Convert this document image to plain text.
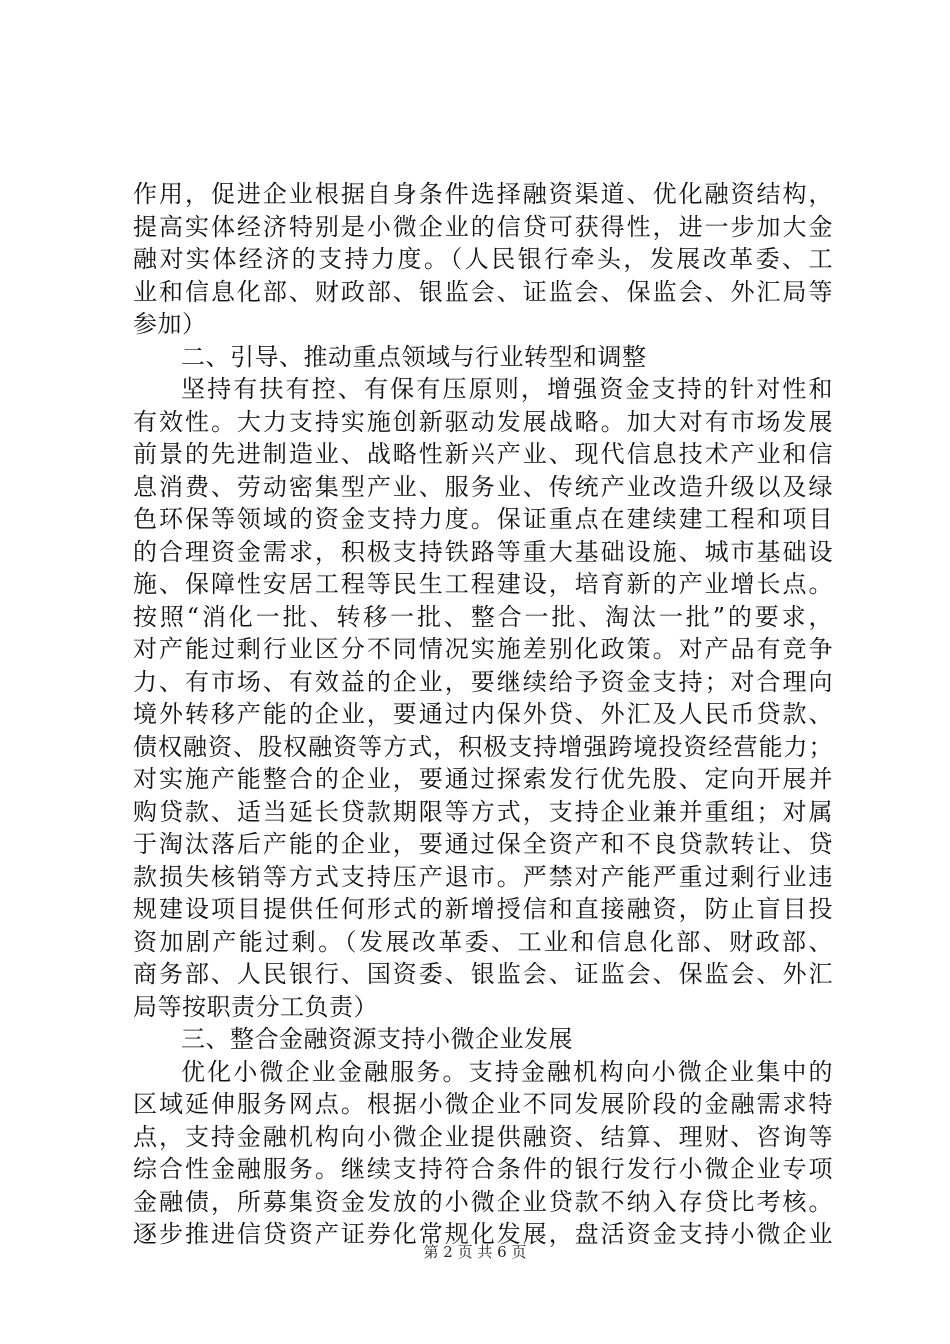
作用，促进企业根据自身条件选择融资渠道、优化融资结构，
提高实体经济特别是小微企业的信贷可获得性，进一步加大金
融对实体经济的支持力度。（人民银行牵头，发展改革委、工
业和信息化部、财政部、银监会、证监会、保监会、外汇局等
参加）
二、引导、推动重点领域与行业转型和调整
坚持有扶有控、有保有压原则，增强资金支持的针对性和
有效性。大力支持实施创新驱动发展战略。加大对有市场发展
前景的先进制造业、战略性新兴产业、现代信息技术产业和信
息消费、劳动密集型产业、服务业、传统产业改造升级以及绿
色环保等领域的资金支持力度。保证重点在建续建工程和项目
的合理资金需求，积极支持铁路等重大基础设施、城市基础设
施、保障性安居工程等民生工程建设，培育新的产业增长点。
按照“消化一批、转移一批、整合一批、淘汰一批”的要求，
对产能过剩行业区分不同情况实施差别化政策。对产品有竞争
力、有市场、有效益的企业，要继续给予资金支持；对合理向
境外转移产能的企业，要通过内保外贷、外汇及人民币贷款、
债权融资、股权融资等方式，积极支持增强跨境投资经营能力；
对实施产能整合的企业，要通过探索发行优先股、定向开展并
购贷款、适当延长贷款期限等方式，支持企业兼并重组；对属
于淘汰落后产能的企业，要通过保全资产和不良贷款转让、贷
款损失核销等方式支持压产退市。严禁对产能严重过剩行业违
规建设项目提供任何形式的新增授信和直接融资，防止盲目投
资加剧产能过剩。（发展改革委、工业和信息化部、财政部、
商务部、人民银行、国资委、银监会、证监会、保监会、外汇
局等按职责分工负责）
三、整合金融资源支持小微企业发展
优化小微企业金融服务。支持金融机构向小微企业集中的
区域延伸服务网点。根据小微企业不同发展阶段的金融需求特
点，支持金融机构向小微企业提供融资、结算、理财、咨询等
综合性金融服务。继续支持符合条件的银行发行小微企业专项
金融债，所募集资金发放的小微企业贷款不纳入存贷比考核。
逐步推进信贷资产证券化常规化发展，盘活资金支持小微企业
第 2 页 共 6 页
